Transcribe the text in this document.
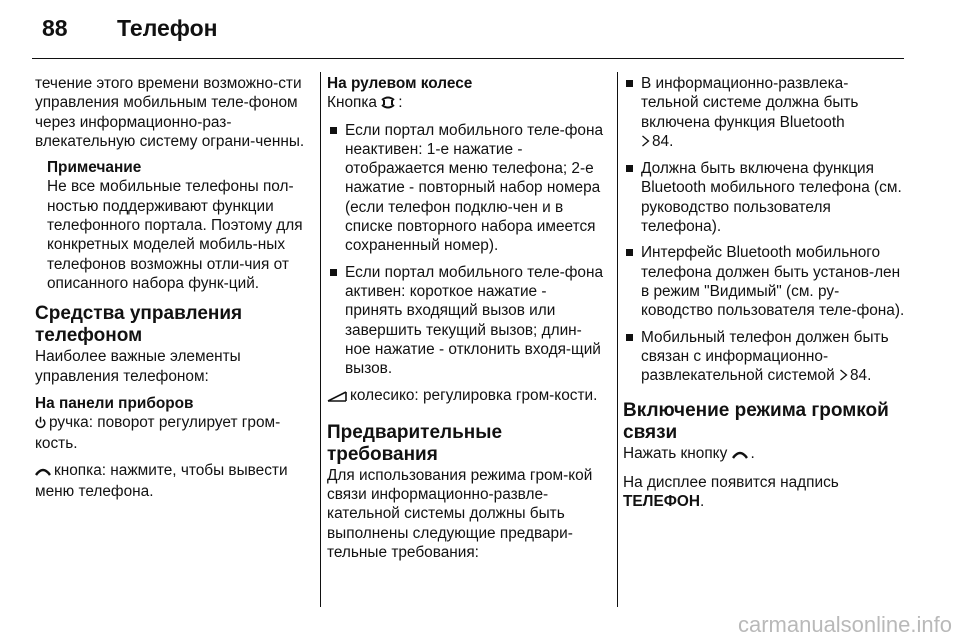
88 Телефон

течение этого времени возможно-сти управления мобильным теле-фоном через информационно-раз-влекательную систему ограни-ченны.

Примечание
Не все мобильные телефоны пол-ностью поддерживают функции телефонного портала. Поэтому для конкретных моделей мобиль-ных телефонов возможны отли-чия от описанного набора функ-ций.
Средства управления телефоном

Наиболее важные элементы управления телефоном:

На панели приборов

ручка: поворот регулирует гром-кость.

кнопка: нажмите, чтобы вывести меню телефона.

На рулевом колесе

Кнопка :

Если портал мобильного теле-фона неактивен: 1-е нажатие - отображается меню телефона; 2-е нажатие - повторный набор номера (если телефон подклю-чен и в списке повторного набора имеется сохраненный номер).
Если портал мобильного теле-фона активен: короткое нажатие - принять входящий вызов или завершить текущий вызов; длин-ное нажатие - отклонить входя-щий вызов.

колесико: регулировка гром-кости.

Предварительные требования

Для использования режима гром-кой связи информационно-развле-кательной системы должны быть выполнены следующие предвари-тельные требования:

В информационно-развлека-тельной системе должна быть включена функция Bluetooth
84.
Должна быть включена функция Bluetooth мобильного телефона (см. руководство пользователя телефона).
Интерфейс Bluetooth мобильного телефона должен быть установ-лен в режим "Видимый" (см. ру-ководство пользователя теле-фона).
Мобильный телефон должен быть связан с информационно-развлекательной системой 84.
Включение режима громкой связи

Нажать кнопку .

На дисплее появится надпись
ТЕЛЕФОН.

carmanualsonline.info
